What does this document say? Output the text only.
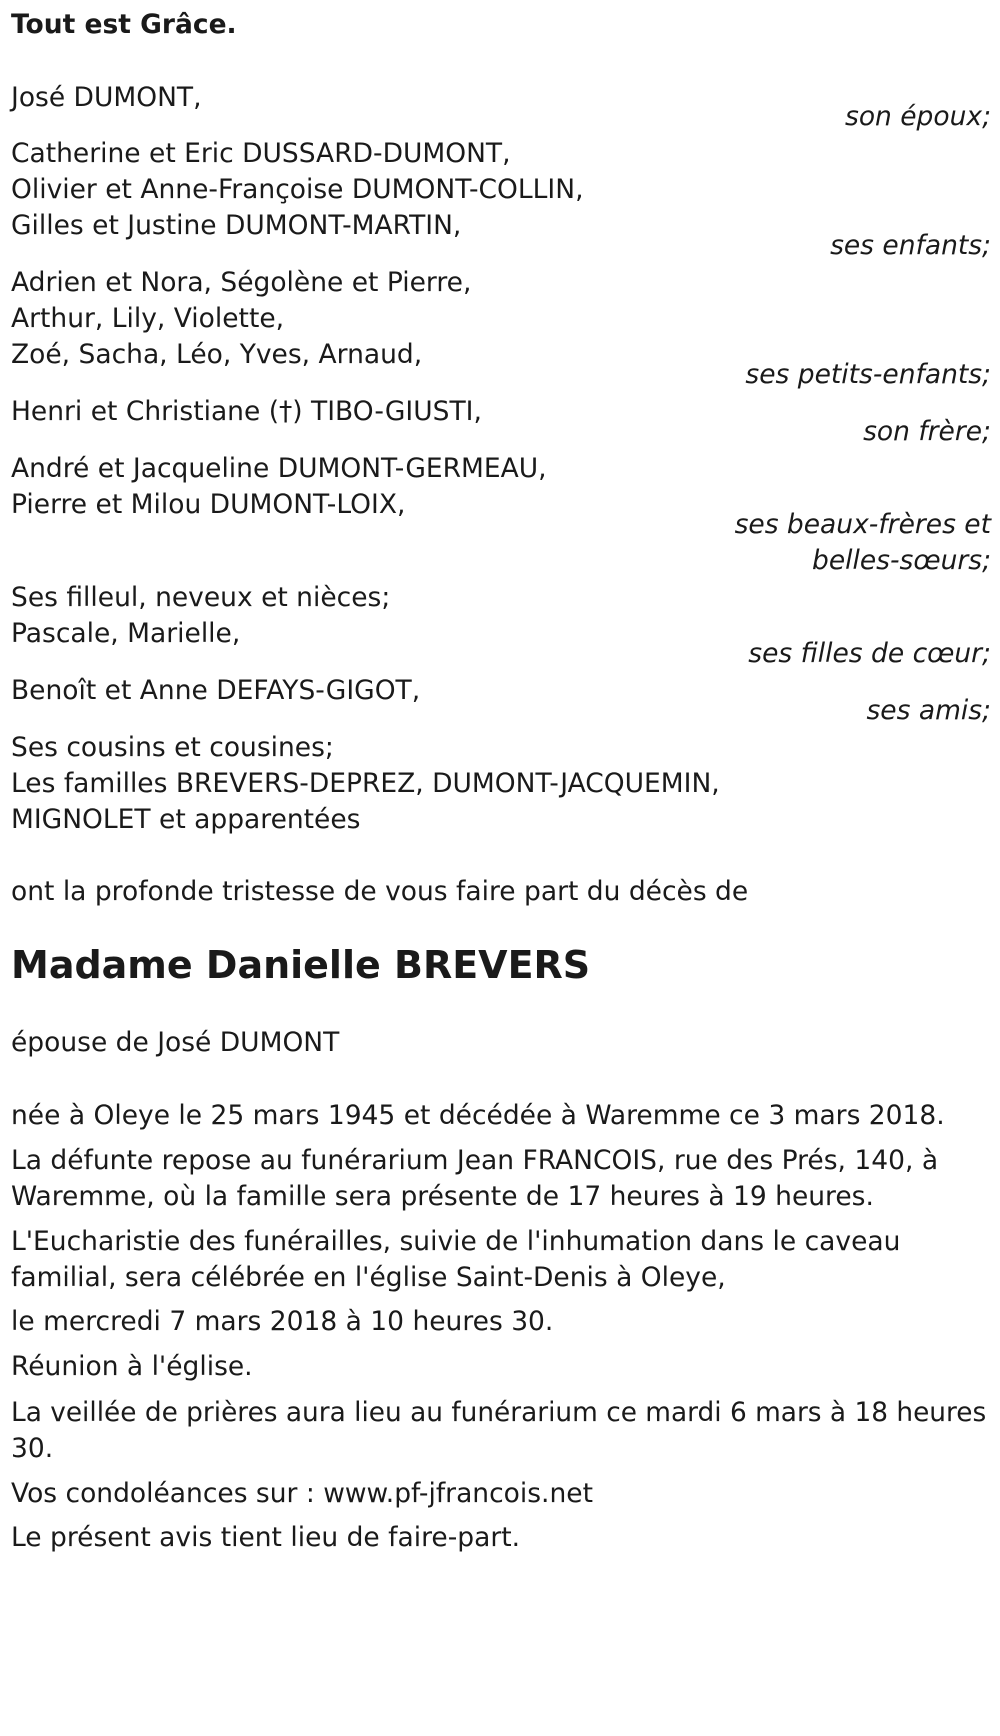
Tout est Grâce.
José DUMONT,
son époux;
Catherine et Eric DUSSARD-DUMONT,
Olivier et Anne-Françoise DUMONT-COLLIN,
Gilles et Justine DUMONT-MARTIN,
ses enfants;
Adrien et Nora, Ségolène et Pierre,
Arthur, Lily, Violette,
Zoé, Sacha, Léo, Yves, Arnaud,
ses petits-enfants;
Henri et Christiane (†) TIBO-GIUSTI,
son frère;
André et Jacqueline DUMONT-GERMEAU,
Pierre et Milou DUMONT-LOIX,
ses beaux-frères et
belles-sœurs;
Ses filleul, neveux et nièces;
Pascale, Marielle,
ses filles de cœur;
Benoît et Anne DEFAYS-GIGOT,
ses amis;
Ses cousins et cousines;
Les familles BREVERS-DEPREZ, DUMONT-JACQUEMIN,
MIGNOLET et apparentées
ont la profonde tristesse de vous faire part du décès de
Madame Danielle BREVERS
épouse de José DUMONT
née à Oleye le 25 mars 1945 et décédée à Waremme ce 3 mars 2018.
La défunte repose au funérarium Jean FRANCOIS, rue des Prés, 140, à
Waremme, où la famille sera présente de 17 heures à 19 heures.
L'Eucharistie des funérailles, suivie de l'inhumation dans le caveau
familial, sera célébrée en l'église Saint-Denis à Oleye,
le mercredi 7 mars 2018 à 10 heures 30.
Réunion à l'église.
La veillée de prières aura lieu au funérarium ce mardi 6 mars à 18 heures
30.
Vos condoléances sur : www.pf-jfrancois.net
Le présent avis tient lieu de faire-part.
